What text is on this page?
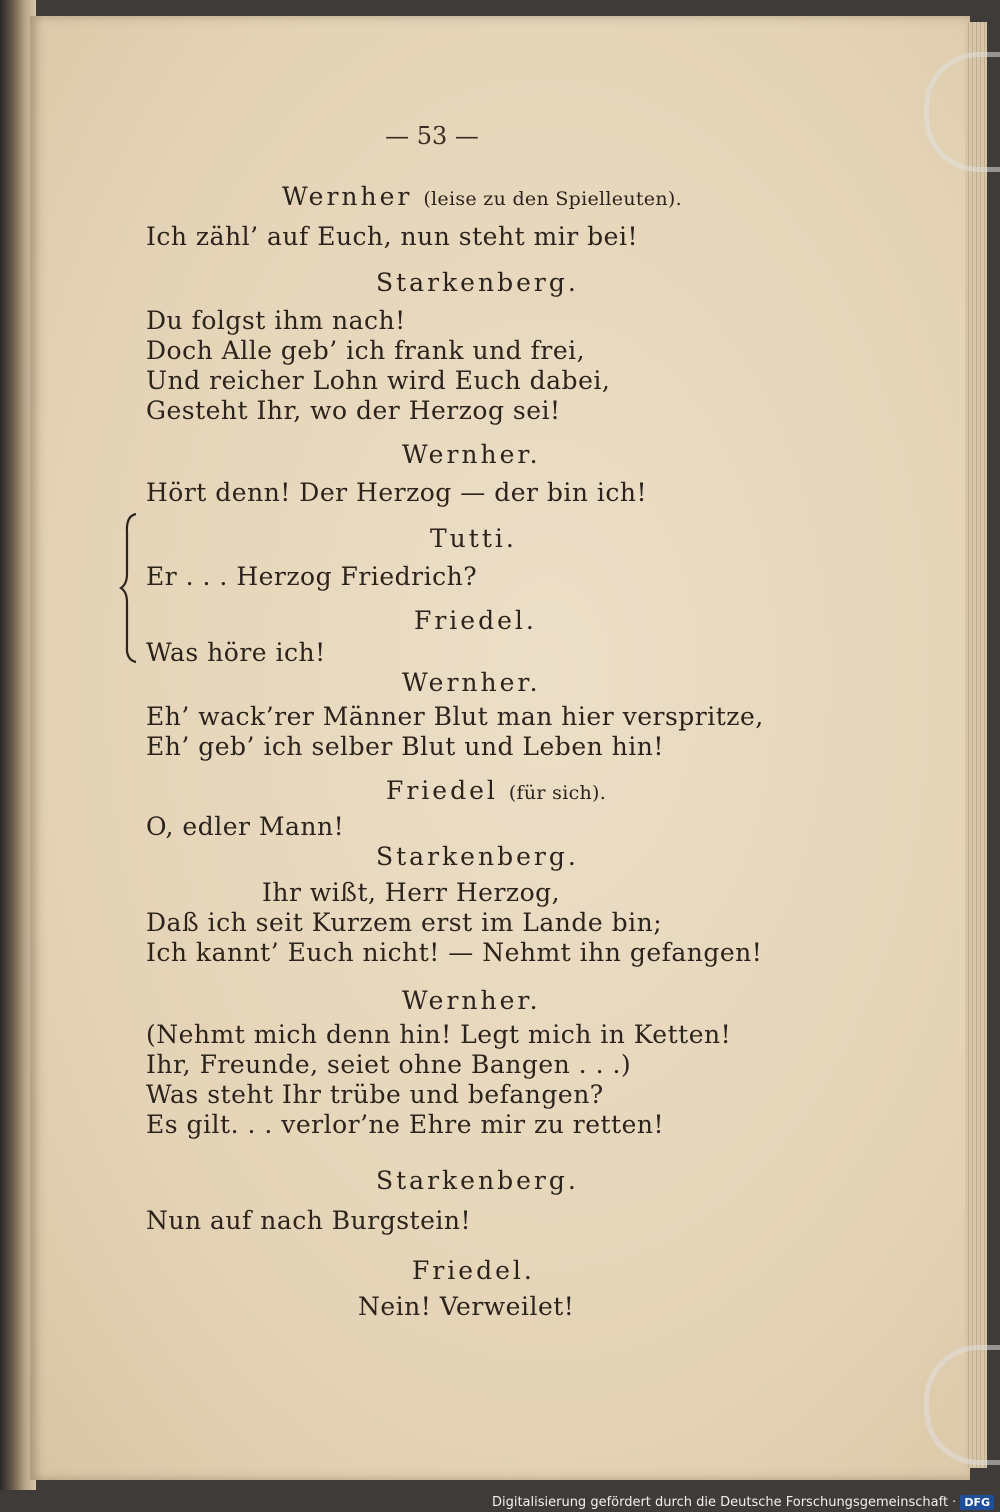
— 53 —
Wernher (leise zu den Spielleuten).
Ich zähl’ auf Euch, nun steht mir bei!
Starkenberg.
Du folgst ihm nach!
Doch Alle geb’ ich frank und frei,
Und reicher Lohn wird Euch dabei,
Gesteht Ihr, wo der Herzog sei!
Wernher.
Hört denn! Der Herzog — der bin ich!
Tutti.
Er . . . Herzog Friedrich?
Friedel.
Was höre ich!
Wernher.
Eh’ wack’rer Männer Blut man hier verspritze,
Eh’ geb’ ich selber Blut und Leben hin!
Friedel (für sich).
O, edler Mann!
Starkenberg.
Ihr wißt, Herr Herzog,
Daß ich seit Kurzem erst im Lande bin;
Ich kannt’ Euch nicht! — Nehmt ihn gefangen!
Wernher.
(Nehmt mich denn hin! Legt mich in Ketten!
Ihr, Freunde, seiet ohne Bangen . . .)
Was steht Ihr trübe und befangen?
Es gilt. . . verlor’ne Ehre mir zu retten!
Starkenberg.
Nun auf nach Burgstein!
Friedel.
Nein! Verweilet!
Digitalisierung gefördert durch die Deutsche Forschungsgemeinschaft · DFG
